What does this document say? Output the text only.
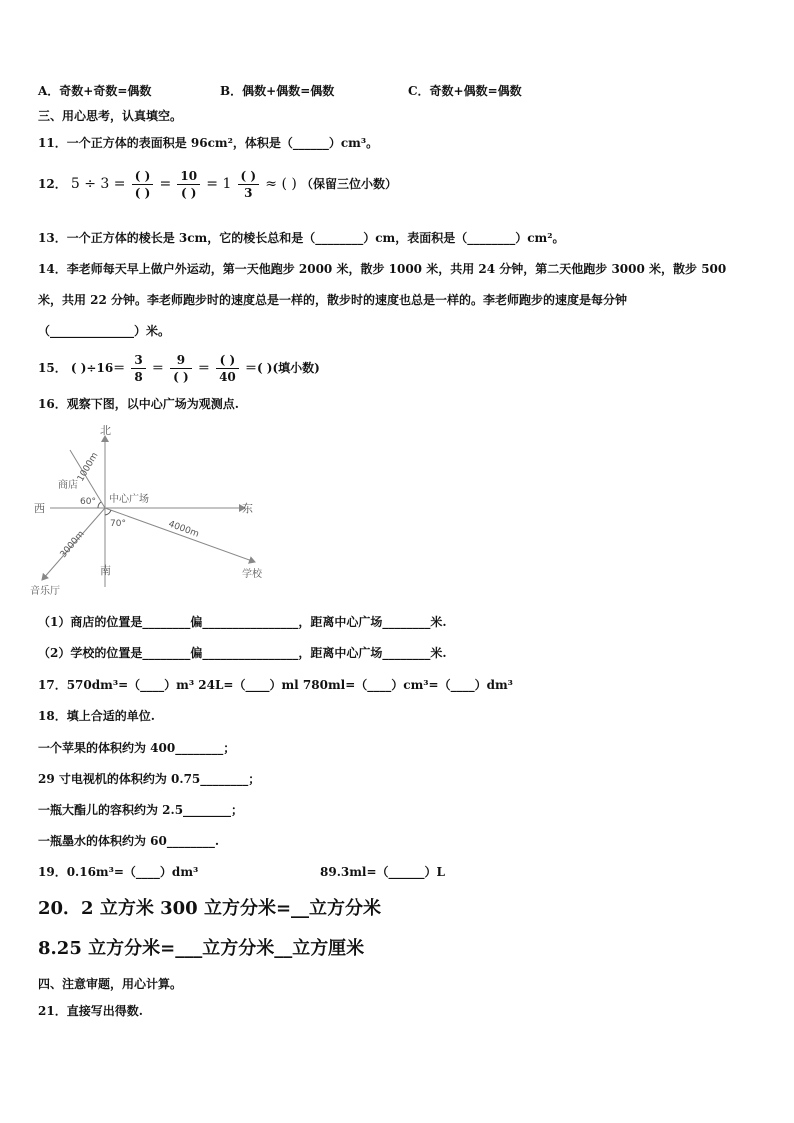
A．奇数+奇数=偶数	B．偶数+偶数=偶数	C．奇数+偶数=偶数
三、用心思考，认真填空。
11．一个正方体的表面积是 96cm²，体积是（______）cm³。
12． $5 \div 3 = \frac{( )}{( )} = \frac{10}{( )} = 1 \frac{( )}{3}$ ≈ ( ) （保留三位小数）
13．一个正方体的棱长是 3cm，它的棱长总和是（________）cm，表面积是（________）cm²。
14．李老师每天早上做户外运动，第一天他跑步 2000 米，散步 1000 米，共用 24 分钟，第二天他跑步 3000 米，散步 500
米，共用 22 分钟。李老师跑步时的速度总是一样的，散步时的速度也总是一样的。李老师跑步的速度是每分钟
（______________）米。
15． ( )$\div 16= \frac{3}{8} = \frac{9}{( )} = \frac{( )}{40}$ ＝( )(填小数)
16．观察下图，以中心广场为观测点.
北
南
东
西
中心广场
商店
学校
音乐厅
1000m
4000m
3000m
60°
70°
（1）商店的位置是________偏________________，距离中心广场________米.
（2）学校的位置是________偏________________，距离中心广场________米.
17．570dm³=（____）m³ 24L=（____）ml 780ml=（____）cm³=（____）dm³
18．填上合适的单位.
一个苹果的体积约为 400________；
29 寸电视机的体积约为 0.75________；
一瓶大酯儿的容积约为 2.5________；
一瓶墨水的体积约为 60________.
19．0.16m³=（____）dm³	89.3ml=（______）L
20．2 立方米 300 立方分米=__立方分米
8.25 立方分米=___立方分米__立方厘米
四、注意审题，用心计算。
21．直接写出得数.
